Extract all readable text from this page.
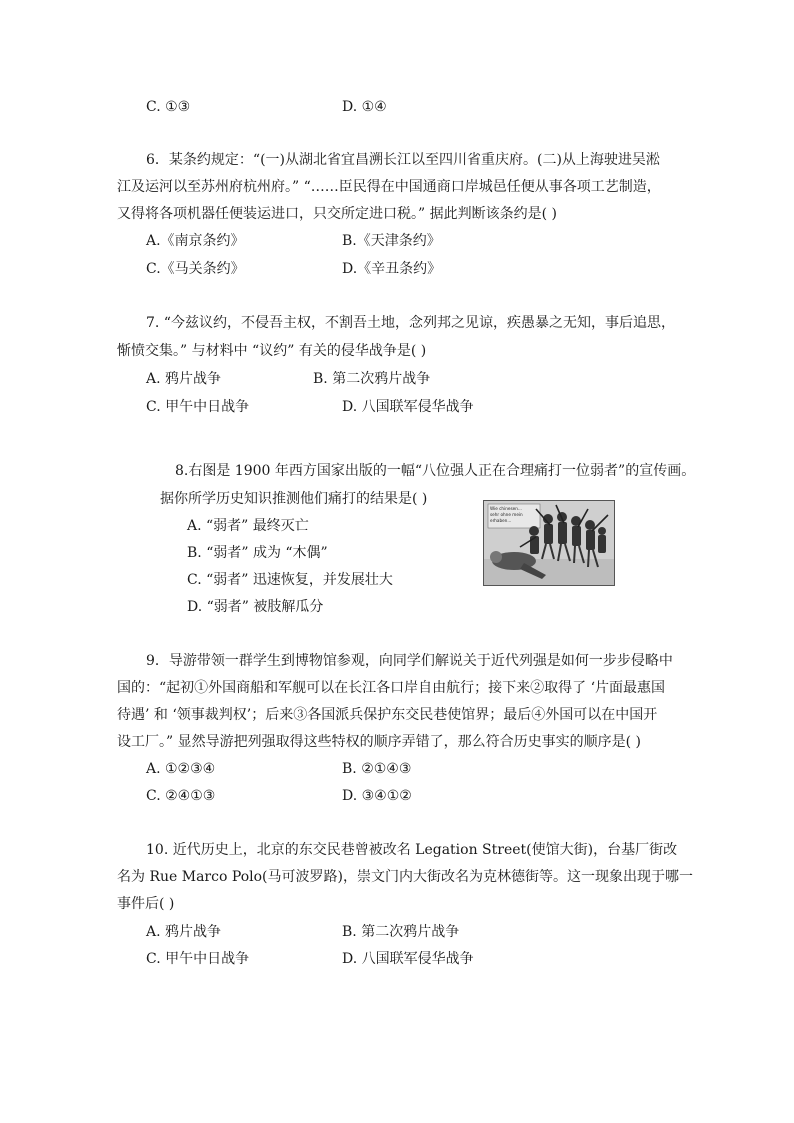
C. ①③	D. ①④
6．某条约规定：“(一)从湖北省宜昌溯长江以至四川省重庆府。(二)从上海驶进吴淞
江及运河以至苏州府杭州府。” “……臣民得在中国通商口岸城邑任便从事各项工艺制造，
又得将各项机器任便装运进口，只交所定进口税。” 据此判断该条约是( )
A.《南京条约》	B.《天津条约》
C.《马关条约》	D.《辛丑条约》
7. “今兹议约，不侵吾主权，不割吾土地，念列邦之见谅，疾愚暴之无知，事后追思，
惭愤交集。” 与材料中 “议约” 有关的侵华战争是( )
A. 鸦片战争	B. 第二次鸦片战争
C. 甲午中日战争	D. 八国联军侵华战争
8.右图是 1900 年西方国家出版的一幅“八位强人正在合理痛打一位弱者”的宣传画。
据你所学历史知识推测他们痛打的结果是( )
A. “弱者” 最终灭亡
B. “弱者” 成为 “木偶”
C. “弱者” 迅速恢复，并发展壮大
D. “弱者” 被肢解瓜分
Wie chinesen...
sehr ohne mein
erhaben...
9．导游带领一群学生到博物馆参观，向同学们解说关于近代列强是如何一步步侵略中
国的：“起初①外国商船和军舰可以在长江各口岸自由航行；接下来②取得了 ‘片面最惠国
待遇’ 和 ‘领事裁判权’；后来③各国派兵保护东交民巷使馆界；最后④外国可以在中国开
设工厂。” 显然导游把列强取得这些特权的顺序弄错了，那么符合历史事实的顺序是( )
A. ①②③④	B. ②①④③
C. ②④①③	D. ③④①②
10. 近代历史上，北京的东交民巷曾被改名 Legation Street(使馆大街)，台基厂街改
名为 Rue Marco Polo(马可波罗路)，崇文门内大街改名为克林德街等。这一现象出现于哪一
事件后( )
A. 鸦片战争	B. 第二次鸦片战争
C. 甲午中日战争	D. 八国联军侵华战争
